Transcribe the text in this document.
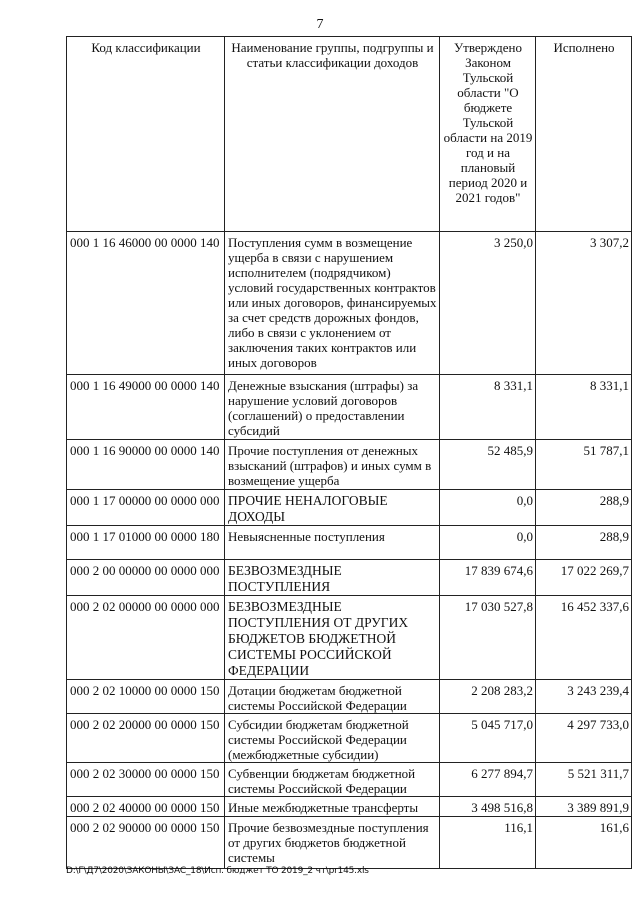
7
Код классификации	Наименование группы, подгруппы и статьи классификации доходов	Утверждено Законом Тульской области "О бюджете Тульской области на 2019 год и на плановый период 2020 и 2021 годов"	Исполнено
000 1 16 46000 00 0000 140	Поступления сумм в возмещение ущерба в связи с нарушением исполнителем (подрядчиком) условий государственных контрактов или иных договоров, финансируемых за счет средств дорожных фондов, либо в связи с уклонением от заключения таких контрактов или иных договоров	3 250,0	3 307,2
000 1 16 49000 00 0000 140	Денежные взыскания (штрафы) за нарушение условий договоров (соглашений) о предоставлении субсидий	8 331,1	8 331,1
000 1 16 90000 00 0000 140	Прочие поступления от денежных взысканий (штрафов) и иных сумм в возмещение ущерба	52 485,9	51 787,1
000 1 17 00000 00 0000 000	ПРОЧИЕ НЕНАЛОГОВЫЕ ДОХОДЫ	0,0	288,9
000 1 17 01000 00 0000 180	Невыясненные поступления	0,0	288,9
000 2 00 00000 00 0000 000	БЕЗВОЗМЕЗДНЫЕ ПОСТУПЛЕНИЯ	17 839 674,6	17 022 269,7
000 2 02 00000 00 0000 000	БЕЗВОЗМЕЗДНЫЕ ПОСТУПЛЕНИЯ ОТ ДРУГИХ БЮДЖЕТОВ БЮДЖЕТНОЙ СИСТЕМЫ РОССИЙСКОЙ ФЕДЕРАЦИИ	17 030 527,8	16 452 337,6
000 2 02 10000 00 0000 150	Дотации бюджетам бюджетной системы Российской Федерации	2 208 283,2	3 243 239,4
000 2 02 20000 00 0000 150	Субсидии бюджетам бюджетной системы Российской Федерации (межбюджетные субсидии)	5 045 717,0	4 297 733,0
000 2 02 30000 00 0000 150	Субвенции бюджетам бюджетной системы Российской Федерации	6 277 894,7	5 521 311,7
000 2 02 40000 00 0000 150	Иные межбюджетные трансферты	3 498 516,8	3 389 891,9
000 2 02 90000 00 0000 150	Прочие безвозмездные поступления от других бюджетов бюджетной системы	116,1	161,6
D:\Г\Д7\2020\ЗАКОНЫ\ЗАС_18\Исп. бюджет ТО 2019_2 чт\pr145.xls
